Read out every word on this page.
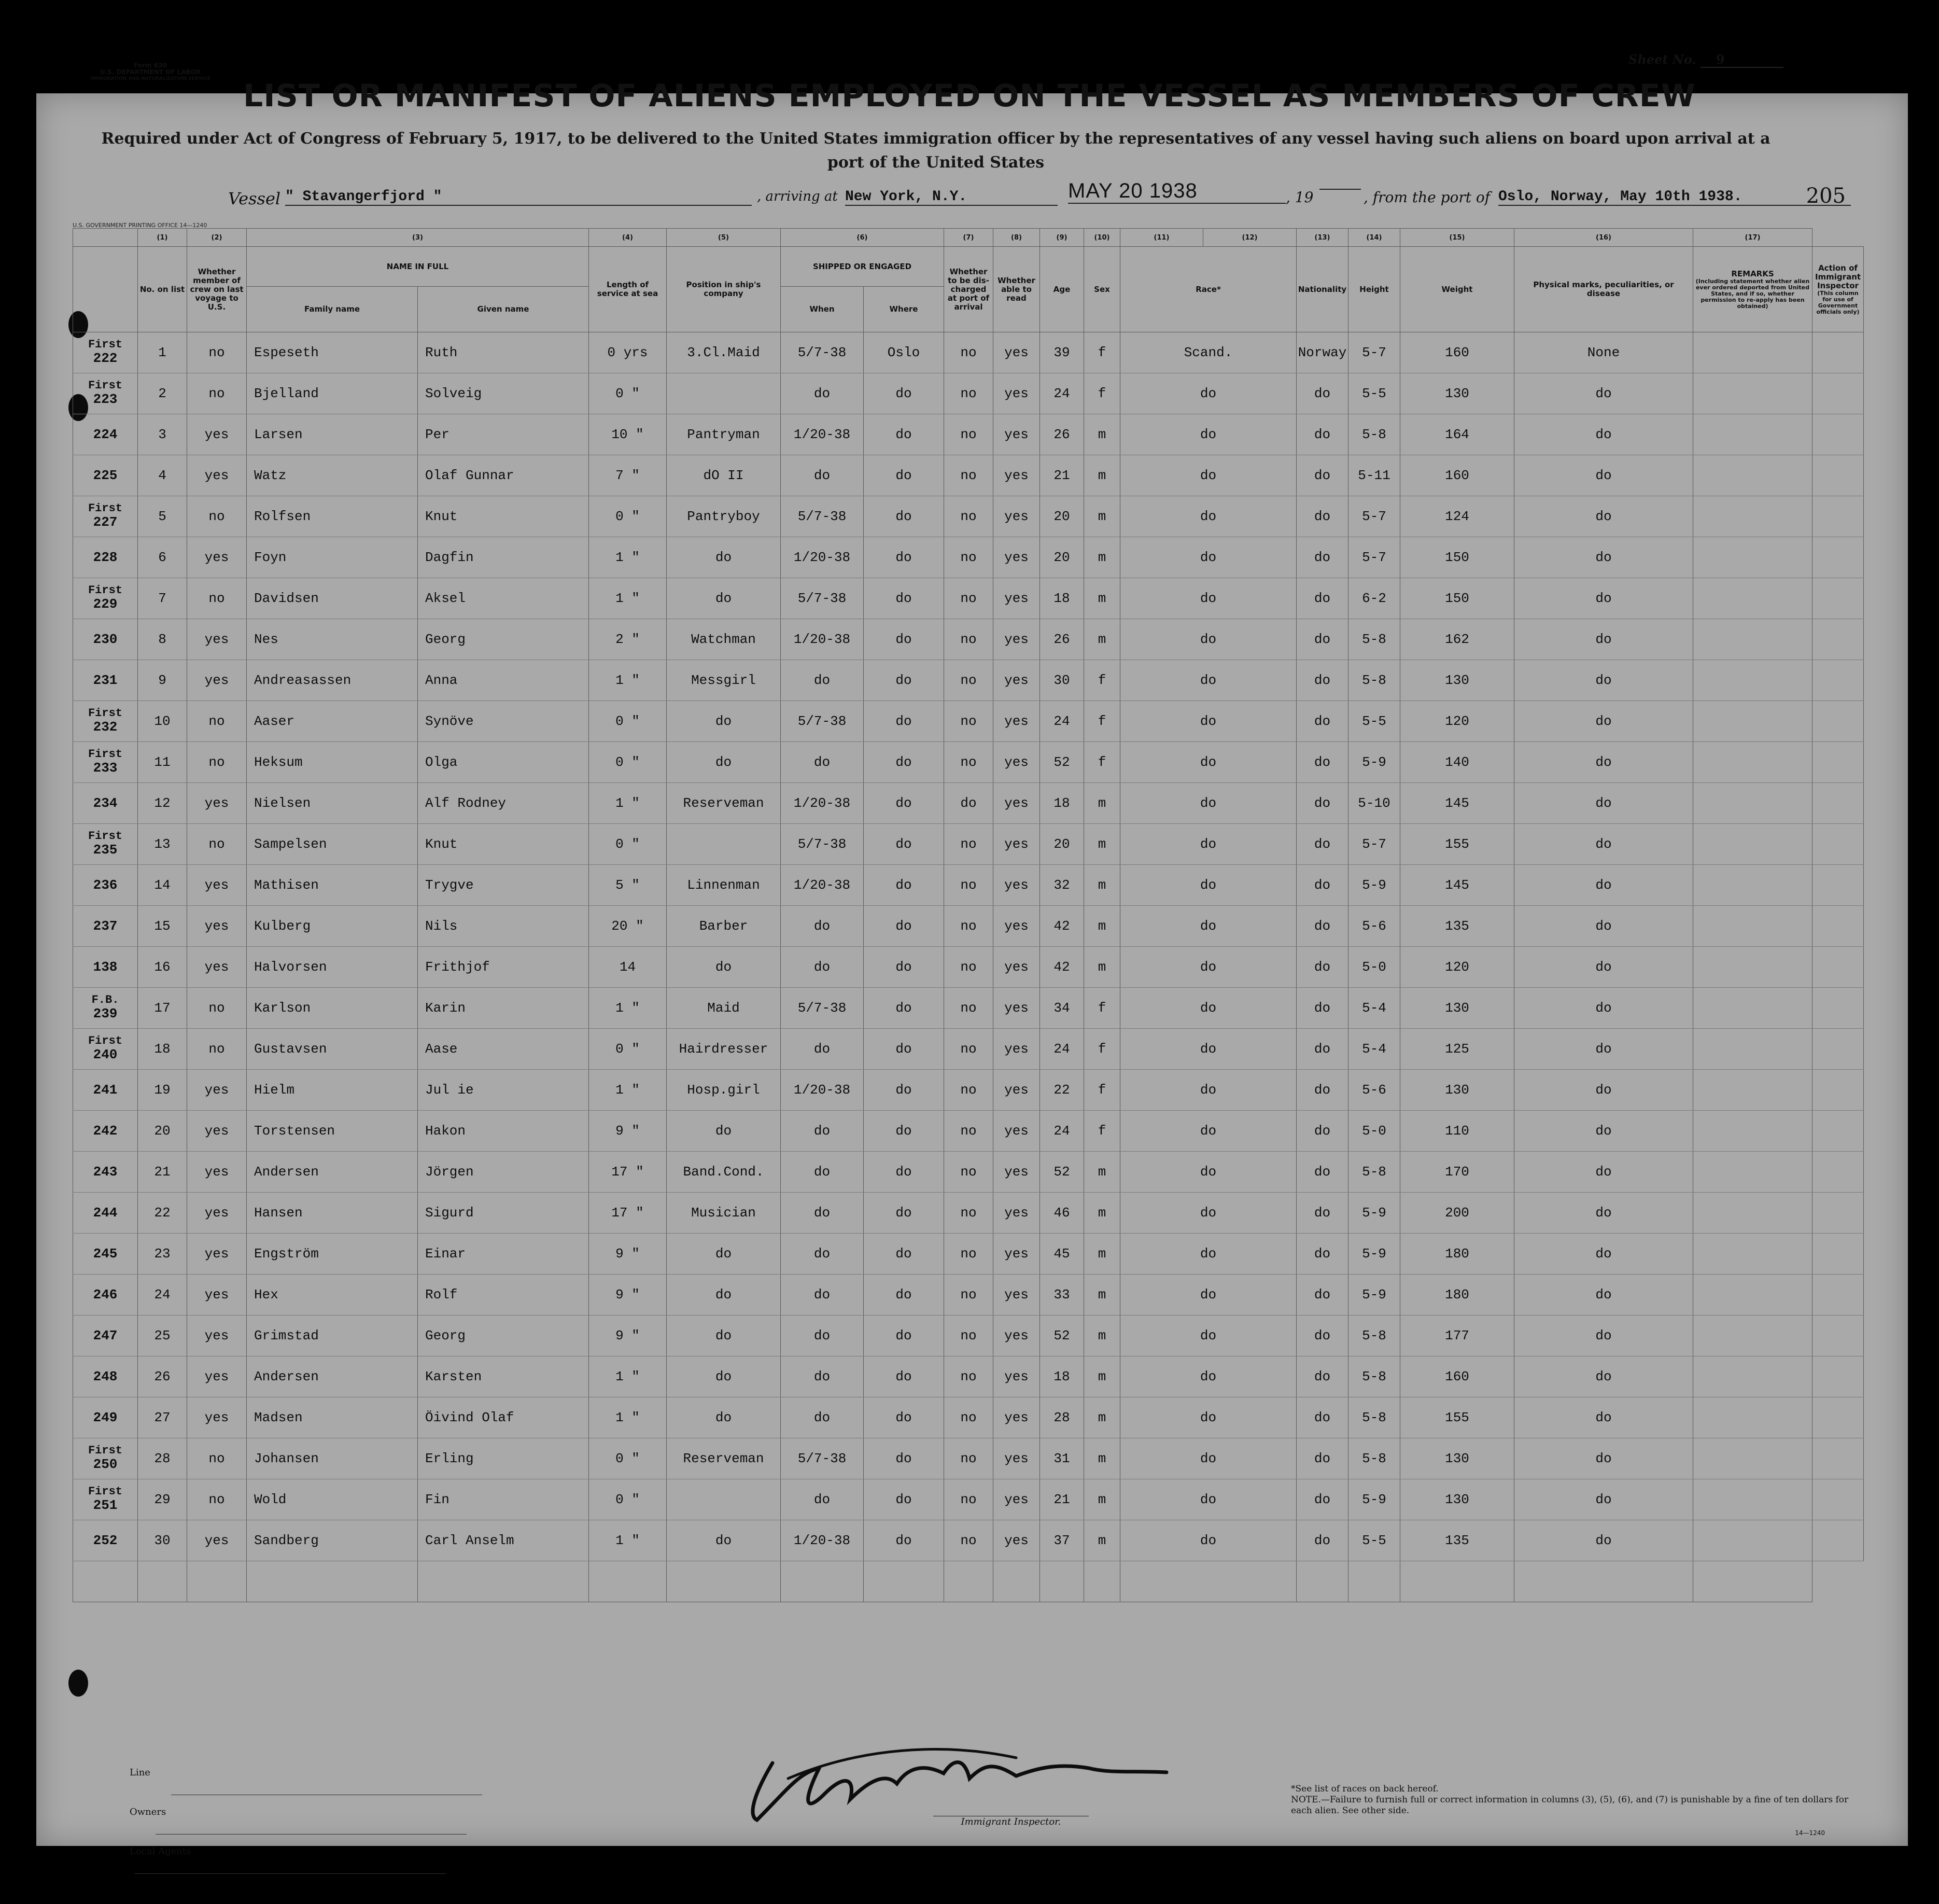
Form 630
U.S. DEPARTMENT OF LABOR
IMMIGRATION AND NATURALIZATION SERVICE
Sheet No. 9
LIST OR MANIFEST OF ALIENS EMPLOYED ON THE VESSEL AS MEMBERS OF CREW
Required under Act of Congress of February 5, 1917, to be delivered to the United States immigration officer by the representatives of any vessel having such aliens on board upon arrival at a port of the United States
Vessel " Stavangerfjord "	, arriving at New York, N.Y.	MAY 20 1938	, 19	, from the port of Oslo, Norway, May 10th 1938.	205
U.S. GOVERNMENT PRINTING OFFICE 14—1240
	(1)	(2)	(3)		(4)	(5)	(6)		(7)	(8)	(9)	(10)	(11)	(12)	(13)	(14)	(15)	(16)	(17)	
	No. on list	Whether member of crew on last voyage to U.S.	NAME IN FULL		Length of service at sea	Position in ship's company	SHIPPED OR ENGAGED		Whether to be dis-charged at port of arrival	Whether able to read	Age	Sex	Race*		Nationality	Height	Weight	Physical marks, peculiarities, or disease	REMARKS

(Including statement whether alien ever ordered deported from United States, and if so, whether permission to re-apply has been obtained)	Action of Immigrant Inspector

(This column for use of Government officials only)

			Family name	Given name			When	Where												

First
222	1	no	Espeseth	Ruth	0 yrs	3.Cl.Maid	5/7-38	Oslo	no	yes	39	f	Scand.		Norway	5-7	160	None		

First
223	2	no	Bjelland	Solveig	0 "		do	do	no	yes	24	f	do		do	5-5	130	do		

224	3	yes	Larsen	Per	10 "	Pantryman	1/20-38	do	no	yes	26	m	do		do	5-8	164	do		

225	4	yes	Watz	Olaf Gunnar	7 "	dO II	do	do	no	yes	21	m	do		do	5-11	160	do		

First
227	5	no	Rolfsen	Knut	0 "	Pantryboy	5/7-38	do	no	yes	20	m	do		do	5-7	124	do		

228	6	yes	Foyn	Dagfin	1 "	do	1/20-38	do	no	yes	20	m	do		do	5-7	150	do		

First
229	7	no	Davidsen	Aksel	1 "	do	5/7-38	do	no	yes	18	m	do		do	6-2	150	do		

230	8	yes	Nes	Georg	2 "	Watchman	1/20-38	do	no	yes	26	m	do		do	5-8	162	do		

231	9	yes	Andreasassen	Anna	1 "	Messgirl	do	do	no	yes	30	f	do		do	5-8	130	do		

First
232	10	no	Aaser	Synöve	0 "	do	5/7-38	do	no	yes	24	f	do		do	5-5	120	do		

First
233	11	no	Heksum	Olga	0 "	do	do	do	no	yes	52	f	do		do	5-9	140	do		

234	12	yes	Nielsen	Alf Rodney	1 "	Reserveman	1/20-38	do	do	yes	18	m	do		do	5-10	145	do		

First
235	13	no	Sampelsen	Knut	0 "		5/7-38	do	no	yes	20	m	do		do	5-7	155	do		

236	14	yes	Mathisen	Trygve	5 "	Linnenman	1/20-38	do	no	yes	32	m	do		do	5-9	145	do		

237	15	yes	Kulberg	Nils	20 "	Barber	do	do	no	yes	42	m	do		do	5-6	135	do		

138	16	yes	Halvorsen	Frithjof	14	do	do	do	no	yes	42	m	do		do	5-0	120	do		

F.B.
239	17	no	Karlson	Karin	1 "	Maid	5/7-38	do	no	yes	34	f	do		do	5-4	130	do		

First
240	18	no	Gustavsen	Aase	0 "	Hairdresser	do	do	no	yes	24	f	do		do	5-4	125	do		

241	19	yes	Hielm	Jul ie	1 "	Hosp.girl	1/20-38	do	no	yes	22	f	do		do	5-6	130	do		

242	20	yes	Torstensen	Hakon	9 "	do	do	do	no	yes	24	f	do		do	5-0	110	do		

243	21	yes	Andersen	Jörgen	17 "	Band.Cond.	do	do	no	yes	52	m	do		do	5-8	170	do		

244	22	yes	Hansen	Sigurd	17 "	Musician	do	do	no	yes	46	m	do		do	5-9	200	do		

245	23	yes	Engström	Einar	9 "	do	do	do	no	yes	45	m	do		do	5-9	180	do		

246	24	yes	Hex	Rolf	9 "	do	do	do	no	yes	33	m	do		do	5-9	180	do		

247	25	yes	Grimstad	Georg	9 "	do	do	do	no	yes	52	m	do		do	5-8	177	do		

248	26	yes	Andersen	Karsten	1 "	do	do	do	no	yes	18	m	do		do	5-8	160	do		

249	27	yes	Madsen	Öivind Olaf	1 "	do	do	do	no	yes	28	m	do		do	5-8	155	do		

First
250	28	no	Johansen	Erling	0 "	Reserveman	5/7-38	do	no	yes	31	m	do		do	5-8	130	do		

First
251	29	no	Wold	Fin	0 "		do	do	no	yes	21	m	do		do	5-9	130	do		

252	30	yes	Sandberg	Carl Anselm	1 "	do	1/20-38	do	no	yes	37	m	do		do	5-5	135	do		

Line
Owners
Local Agents
Immigrant Inspector.
*See list of races on back hereof.
NOTE.—Failure to furnish full or correct information in columns (3), (5), (6), and (7) is punishable by a fine of ten dollars for each alien. See other side.
14—1240
